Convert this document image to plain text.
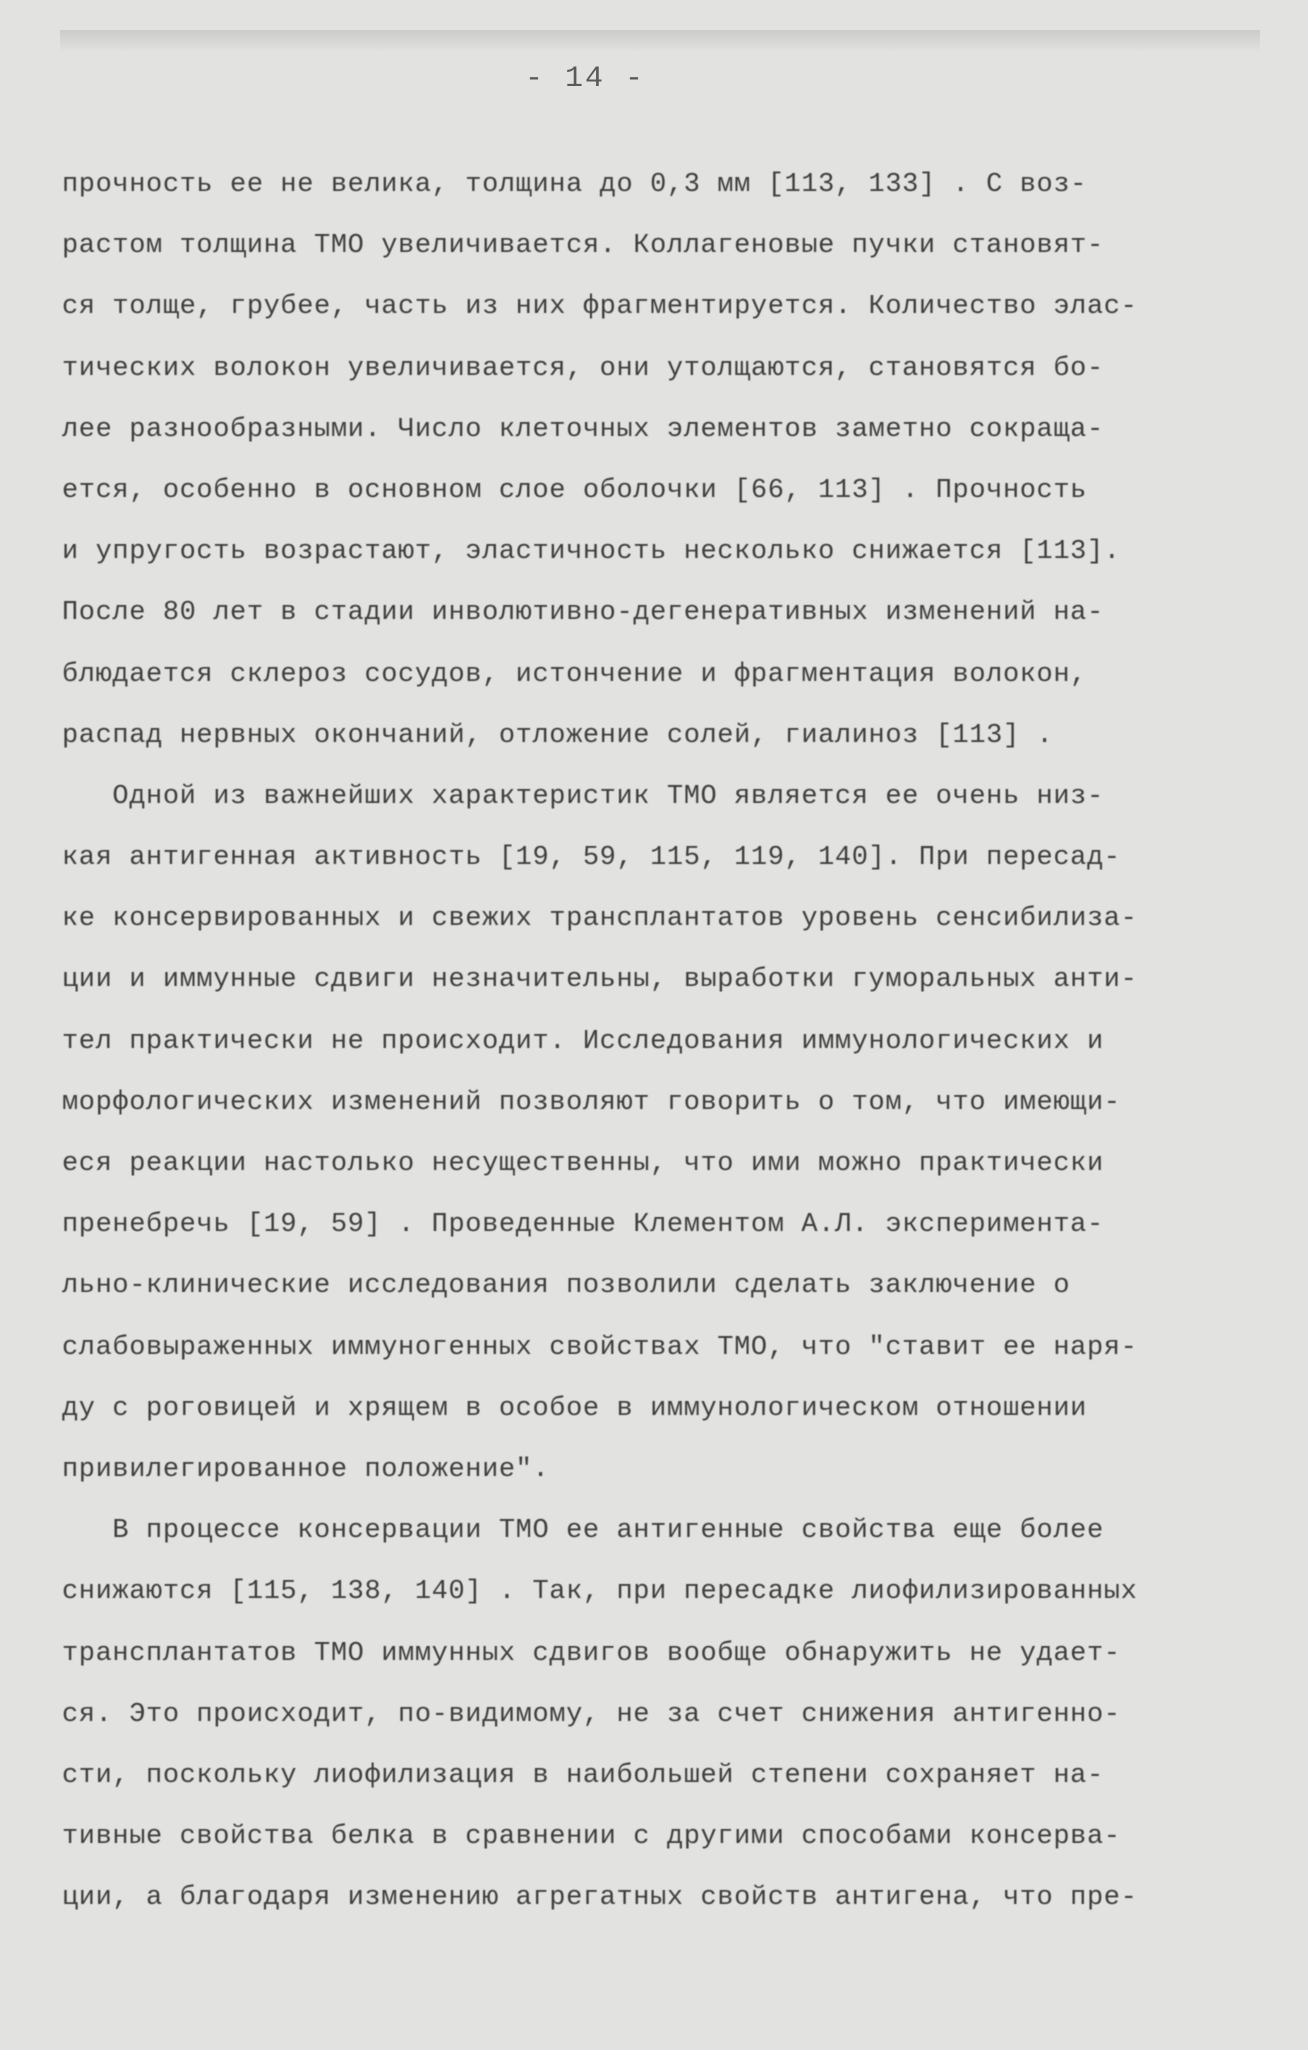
- 14 -
прочность ее не велика, толщина до 0,3 мм [113, 133] . С воз-
растом толщина ТМО увеличивается. Коллагеновые пучки становят-
ся толще, грубее, часть из них фрагментируется. Количество элас-
тических волокон увеличивается, они утолщаются, становятся бо-
лее разнообразными. Число клеточных элементов заметно сокраща-
ется, особенно в основном слое оболочки [66, 113] . Прочность
и упругость возрастают, эластичность несколько снижается [113].
После 80 лет в стадии инволютивно-дегенеративных изменений на-
блюдается склероз сосудов, истончение и фрагментация волокон,
распад нервных окончаний, отложение солей, гиалиноз [113] .
Одной из важнейших характеристик ТМО является ее очень низ-
кая антигенная активность [19, 59, 115, 119, 140]. При пересад-
ке консервированных и свежих трансплантатов уровень сенсибилиза-
ции и иммунные сдвиги незначительны, выработки гуморальных анти-
тел практически не происходит. Исследования иммунологических и
морфологических изменений позволяют говорить о том, что имеющи-
еся реакции настолько несущественны, что ими можно практически
пренебречь [19, 59] . Проведенные Клементом А.Л. эксперимента-
льно-клинические исследования позволили сделать заключение о
слабовыраженных иммуногенных свойствах ТМО, что "ставит ее наря-
ду с роговицей и хрящем в особое в иммунологическом отношении
привилегированное положение".
В процессе консервации ТМО ее антигенные свойства еще более
снижаются [115, 138, 140] . Так, при пересадке лиофилизированных
трансплантатов ТМО иммунных сдвигов вообще обнаружить не удает-
ся. Это происходит, по-видимому, не за счет снижения антигенно-
сти, поскольку лиофилизация в наибольшей степени сохраняет на-
тивные свойства белка в сравнении с другими способами консерва-
ции, а благодаря изменению агрегатных свойств антигена, что пре-
